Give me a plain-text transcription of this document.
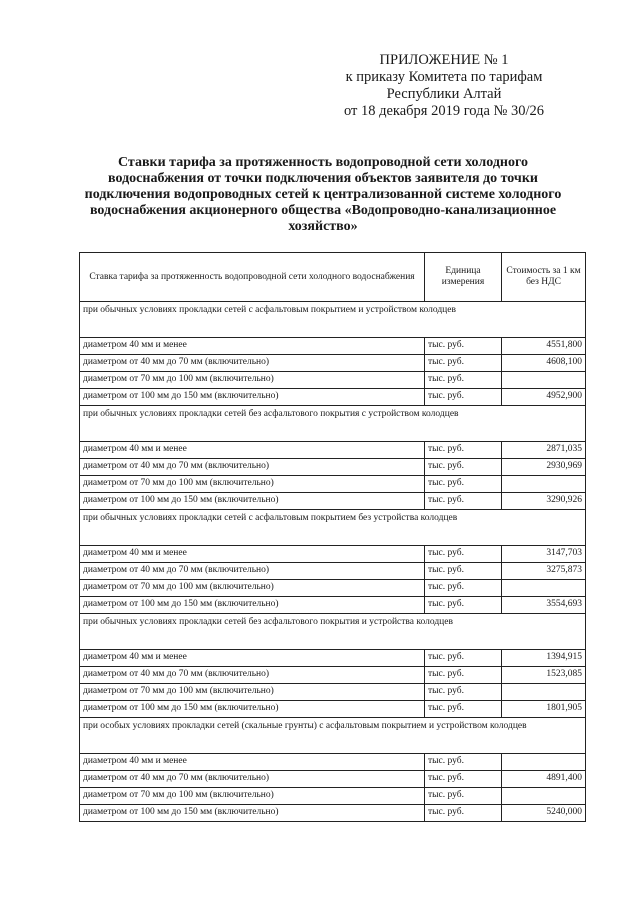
ПРИЛОЖЕНИЕ № 1
к приказу Комитета по тарифам
Республики Алтай
от 18 декабря 2019 года № 30/26
Ставки тарифа за протяженность водопроводной сети холодного водоснабжения от точки подключения объектов заявителя до точки подключения водопроводных сетей к централизованной системе холодного водоснабжения акционерного общества «Водопроводно-канализационное хозяйство»
Ставка тарифа за протяженность водопроводной сети холодного водоснабжения	Единица измерения	Стоимость за 1 км без НДС
при обычных условиях прокладки сетей с асфальтовым покрытием и устройством колодцев		
диаметром 40 мм и менее	тыс. руб.	4551,800
диаметром от 40 мм до 70 мм (включительно)	тыс. руб.	4608,100
диаметром от 70 мм до 100 мм (включительно)	тыс. руб.	
диаметром от 100 мм до 150 мм (включительно)	тыс. руб.	4952,900
при обычных условиях прокладки сетей без асфальтового покрытия с устройством колодцев		
диаметром 40 мм и менее	тыс. руб.	2871,035
диаметром от 40 мм до 70 мм (включительно)	тыс. руб.	2930,969
диаметром от 70 мм до 100 мм (включительно)	тыс. руб.	
диаметром от 100 мм до 150 мм (включительно)	тыс. руб.	3290,926
при обычных условиях прокладки сетей с асфальтовым покрытием без устройства колодцев		
диаметром 40 мм и менее	тыс. руб.	3147,703
диаметром от 40 мм до 70 мм (включительно)	тыс. руб.	3275,873
диаметром от 70 мм до 100 мм (включительно)	тыс. руб.	
диаметром от 100 мм до 150 мм (включительно)	тыс. руб.	3554,693
при обычных условиях прокладки сетей без асфальтового покрытия и устройства колодцев		
диаметром 40 мм и менее	тыс. руб.	1394,915
диаметром от 40 мм до 70 мм (включительно)	тыс. руб.	1523,085
диаметром от 70 мм до 100 мм (включительно)	тыс. руб.	
диаметром от 100 мм до 150 мм (включительно)	тыс. руб.	1801,905
при особых условиях прокладки сетей (скальные грунты) с асфальтовым покрытием и устройством колодцев		
диаметром 40 мм и менее	тыс. руб.	
диаметром от 40 мм до 70 мм (включительно)	тыс. руб.	4891,400
диаметром от 70 мм до 100 мм (включительно)	тыс. руб.	
диаметром от 100 мм до 150 мм (включительно)	тыс. руб.	5240,000
